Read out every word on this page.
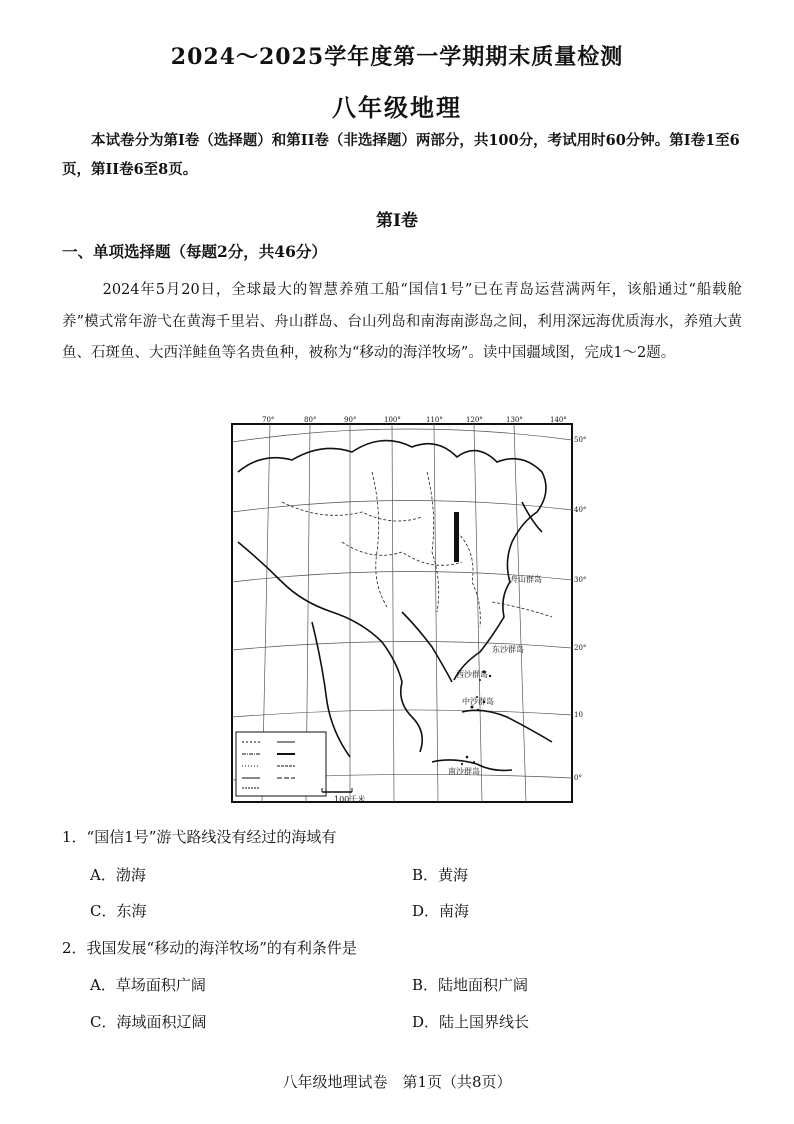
2024～2025学年度第一学期期末质量检测
八年级地理
本试卷分为第Ⅰ卷（选择题）和第II卷（非选择题）两部分，共100分，考试用时60分钟。第Ⅰ卷1至6页，第II卷6至8页。
第Ⅰ卷
一、单项选择题（每题2分，共46分）
2024年5月20日，全球最大的智慧养殖工船“国信1号”已在青岛运营满两年，该船通过“船载舱养”模式常年游弋在黄海千里岩、舟山群岛、台山列岛和南海南澎岛之间，利用深远海优质海水，养殖大黄鱼、石斑鱼、大西洋鲑鱼等名贵鱼种，被称为“移动的海洋牧场”。读中国疆域图，完成1～2题。
70°	80°	90°	100°	110°	120°	130°	140°
50°
40°
30°
20°
10
0°
舟山群岛
东沙群岛
西沙群岛
中沙群岛
南沙群岛
100千米
1．“国信1号”游弋路线没有经过的海域有
A．渤海	B．黄海
C．东海	D．南海
2．我国发展“移动的海洋牧场”的有利条件是
A．草场面积广阔	B．陆地面积广阔
C．海域面积辽阔	D．陆上国界线长
八年级地理试卷　第1页（共8页）
